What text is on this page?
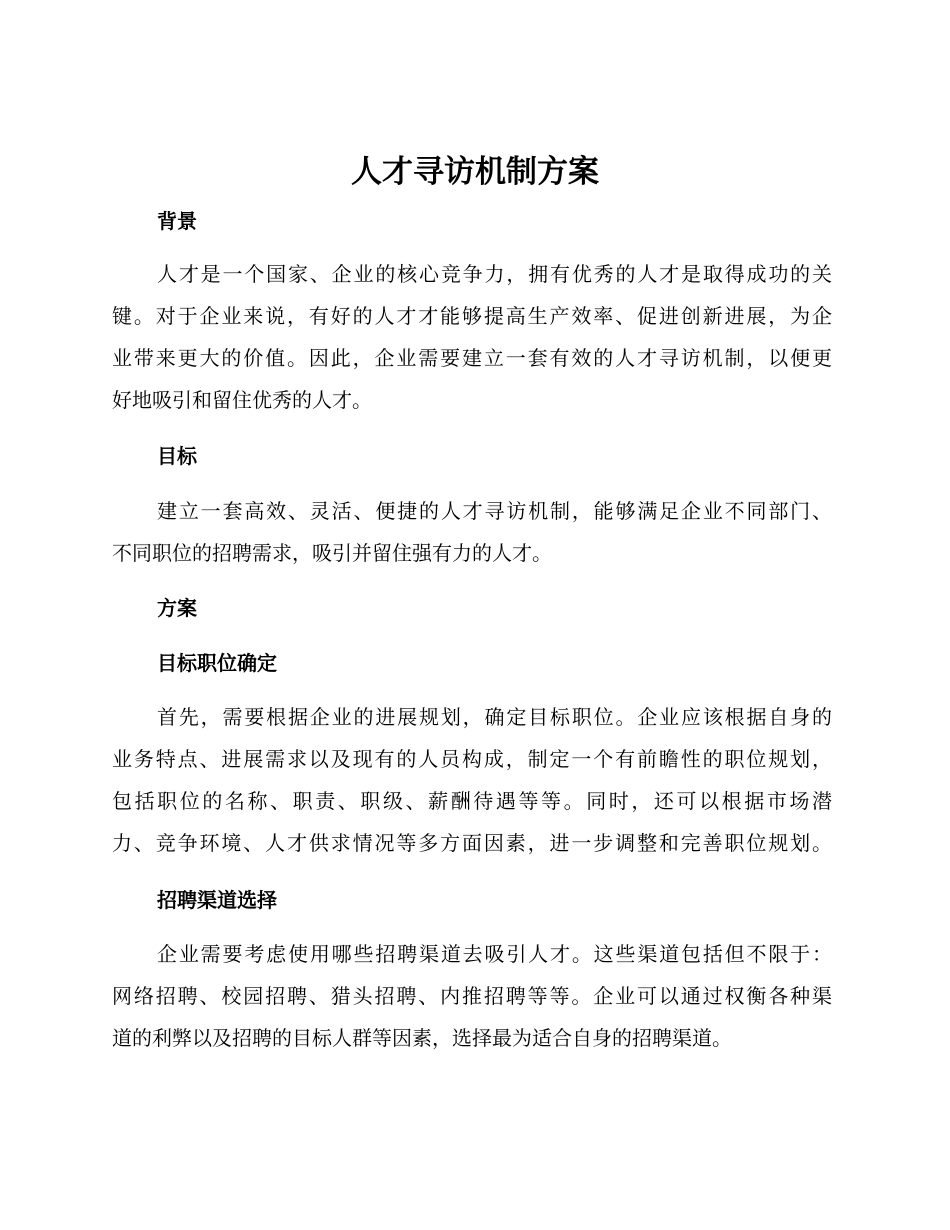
人才寻访机制方案
背景
人才是一个国家、企业的核心竞争力，拥有优秀的人才是取得成功的关
键。对于企业来说，有好的人才才能够提高生产效率、促进创新进展，为企
业带来更大的价值。因此，企业需要建立一套有效的人才寻访机制，以便更
好地吸引和留住优秀的人才。
目标
建立一套高效、灵活、便捷的人才寻访机制，能够满足企业不同部门、
不同职位的招聘需求，吸引并留住强有力的人才。
方案
目标职位确定
首先，需要根据企业的进展规划，确定目标职位。企业应该根据自身的
业务特点、进展需求以及现有的人员构成，制定一个有前瞻性的职位规划，
包括职位的名称、职责、职级、薪酬待遇等等。同时，还可以根据市场潜
力、竞争环境、人才供求情况等多方面因素，进一步调整和完善职位规划。
招聘渠道选择
企业需要考虑使用哪些招聘渠道去吸引人才。这些渠道包括但不限于：
网络招聘、校园招聘、猎头招聘、内推招聘等等。企业可以通过权衡各种渠
道的利弊以及招聘的目标人群等因素，选择最为适合自身的招聘渠道。
